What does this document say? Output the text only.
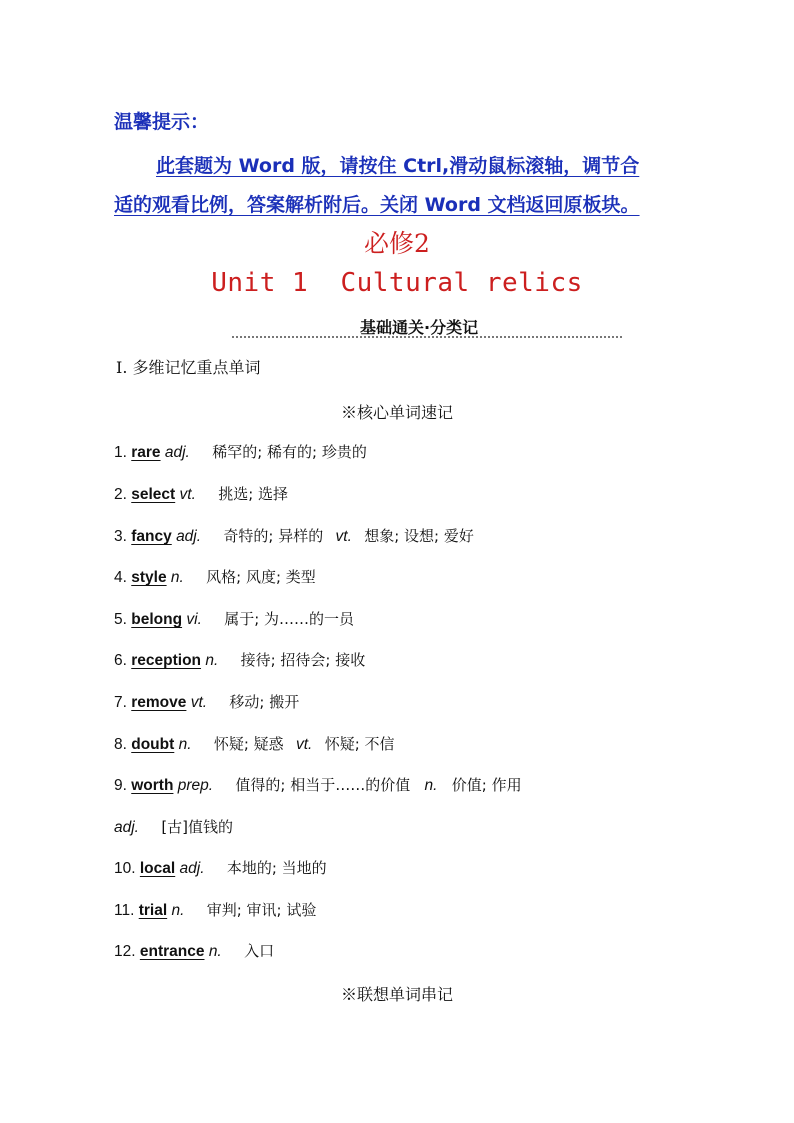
温馨提示：
此套题为 Word 版，请按住 Ctrl,滑动鼠标滚轴，调节合
适的观看比例，答案解析附后。关闭 Word 文档返回原板块。
必修2
Unit 1  Cultural relics
基础通关·分类记
Ⅰ. 多维记忆重点单词
※核心单词速记
1. rare adj. 稀罕的; 稀有的; 珍贵的
2. select vt. 挑选; 选择
3. fancy adj. 奇特的; 异样的 vt. 想象; 设想; 爱好
4. style n. 风格; 风度; 类型
5. belong vi. 属于; 为……的一员
6. reception n. 接待; 招待会; 接收
7. remove vt. 移动; 搬开
8. doubt n. 怀疑; 疑惑 vt. 怀疑; 不信
9. worth prep. 值得的; 相当于……的价值 n. 价值; 作用
adj. [古]值钱的
10. local adj. 本地的; 当地的
11. trial n. 审判; 审讯; 试验
12. entrance n. 入口
※联想单词串记
